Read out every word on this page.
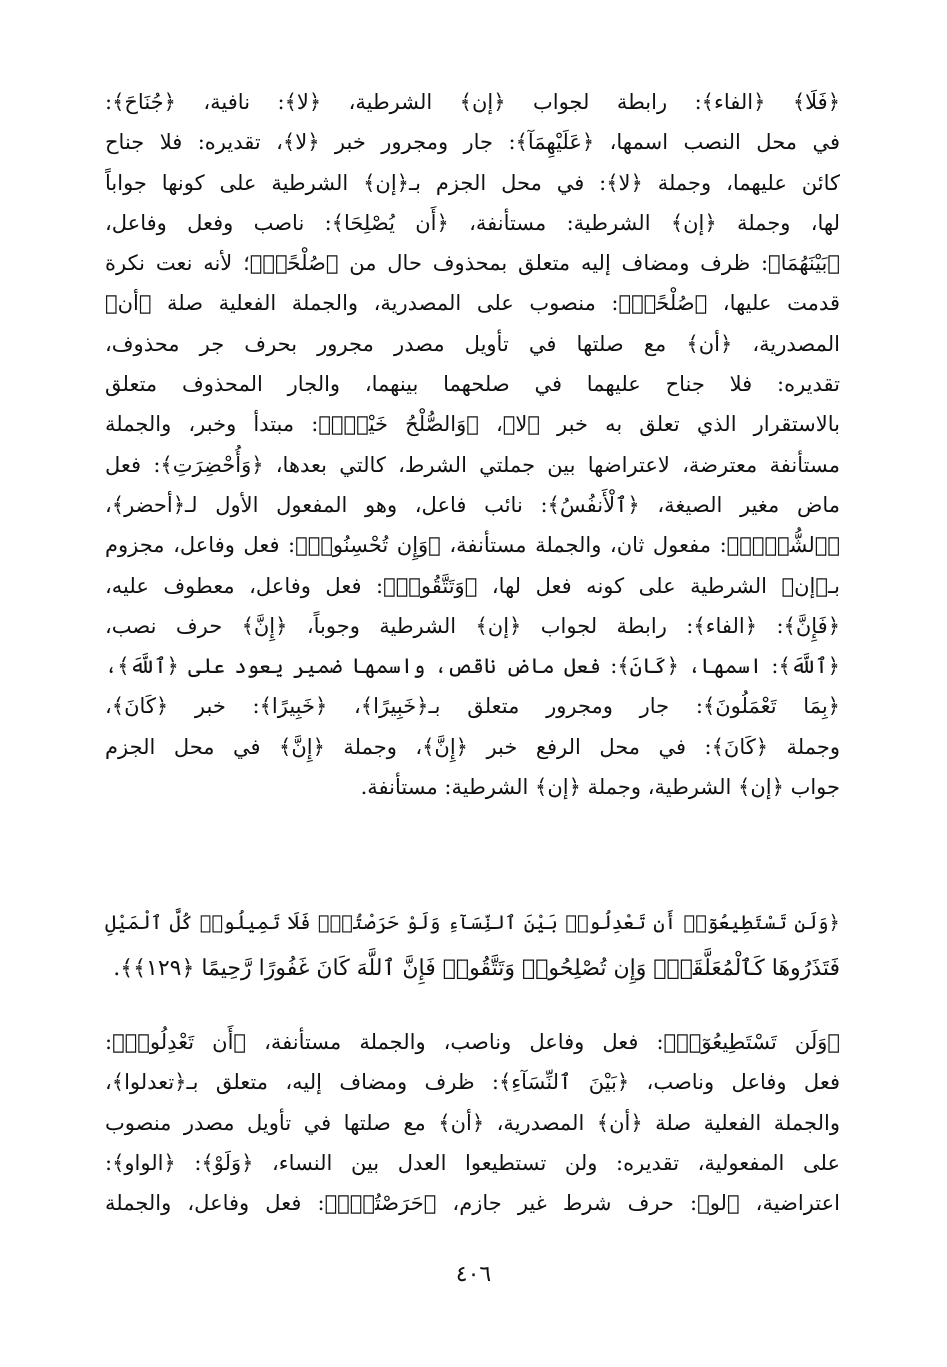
﴿فَلَا﴾ ﴿الفاء﴾: رابطة لجواب ﴿إن﴾ الشرطية، ﴿لا﴾: نافية، ﴿جُنَاحَ﴾:
في محل النصب اسمها، ﴿عَلَيْهِمَآ﴾: جار ومجرور خبر ﴿لا﴾، تقديره: فلا جناح
كائن عليهما، وجملة ﴿لا﴾: في محل الجزم بـ﴿إن﴾ الشرطية على كونها جواباً
لها، وجملة ﴿إن﴾ الشرطية: مستأنفة، ﴿أَن يُصْلِحَا﴾: ناصب وفعل وفاعل،
﴿بَيْنَهُمَا﴾: ظرف ومضاف إليه متعلق بمحذوف حال من ﴿صُلْحًاۚ﴾؛ لأنه نعت نكرة
قدمت عليها، ﴿صُلْحًاۚ﴾: منصوب على المصدرية، والجملة الفعلية صلة ﴿أن﴾
المصدرية، ﴿أن﴾ مع صلتها في تأويل مصدر مجرور بحرف جر محذوف،
تقديره: فلا جناح عليهما في صلحهما بينهما، والجار المحذوف متعلق
بالاستقرار الذي تعلق به خبر ﴿لا﴾، ﴿وَالصُّلْحُ خَيْرٌۗ﴾: مبتدأ وخبر، والجملة
مستأنفة معترضة، لاعتراضها بين جملتي الشرط، كالتي بعدها، ﴿وَأُحْضِرَتِ﴾: فعل
ماض مغير الصيغة، ﴿ٱلْأَنفُسُ﴾: نائب فاعل، وهو المفعول الأول لـ﴿أحضر﴾،
﴿ٱلشُّحَّۚ﴾: مفعول ثان، والجملة مستأنفة، ﴿وَإِن تُحْسِنُوا۟﴾: فعل وفاعل، مجزوم
بـ﴿إن﴾ الشرطية على كونه فعل لها، ﴿وَتَتَّقُوا۟﴾: فعل وفاعل، معطوف عليه،
﴿فَإِنَّ﴾: ﴿الفاء﴾: رابطة لجواب ﴿إن﴾ الشرطية وجوباً، ﴿إِنَّ﴾ حرف نصب،
﴿ٱللَّهَ﴾: اسمها، ﴿كَانَ﴾: فعل ماض ناقص، واسمها ضمير يعود على ﴿ٱللَّهَ﴾،
﴿بِمَا تَعْمَلُونَ﴾: جار ومجرور متعلق بـ﴿خَبِيرًا﴾، ﴿خَبِيرًا﴾: خبر ﴿كَانَ﴾،
وجملة ﴿كَانَ﴾: في محل الرفع خبر ﴿إِنَّ﴾، وجملة ﴿إِنَّ﴾ في محل الجزم
جواب ﴿إن﴾ الشرطية، وجملة ﴿إن﴾ الشرطية: مستأنفة.
﴿وَلَن تَسْتَطِيعُوٓا۟ أَن تَعْدِلُوا۟ بَيْنَ ٱلنِّسَآءِ وَلَوْ حَرَصْتُمْۖ فَلَا تَمِيلُوا۟ كُلَّ ٱلْمَيْلِ
فَتَذَرُوهَا كَٱلْمُعَلَّقَةِۚ وَإِن تُصْلِحُوا۟ وَتَتَّقُوا۟ فَإِنَّ ٱللَّهَ كَانَ غَفُورًا رَّحِيمًا ﴿١٢٩﴾﴾.
﴿وَلَن تَسْتَطِيعُوٓا۟﴾: فعل وفاعل وناصب، والجملة مستأنفة، ﴿أَن تَعْدِلُوا۟﴾:
فعل وفاعل وناصب، ﴿بَيْنَ ٱلنِّسَآءِ﴾: ظرف ومضاف إليه، متعلق بـ﴿تعدلوا﴾،
والجملة الفعلية صلة ﴿أن﴾ المصدرية، ﴿أن﴾ مع صلتها في تأويل مصدر منصوب
على المفعولية، تقديره: ولن تستطيعوا العدل بين النساء، ﴿وَلَوْ﴾: ﴿الواو﴾:
اعتراضية، ﴿لو﴾: حرف شرط غير جازم، ﴿حَرَصْتُمْۖ﴾: فعل وفاعل، والجملة
٤٠٦
